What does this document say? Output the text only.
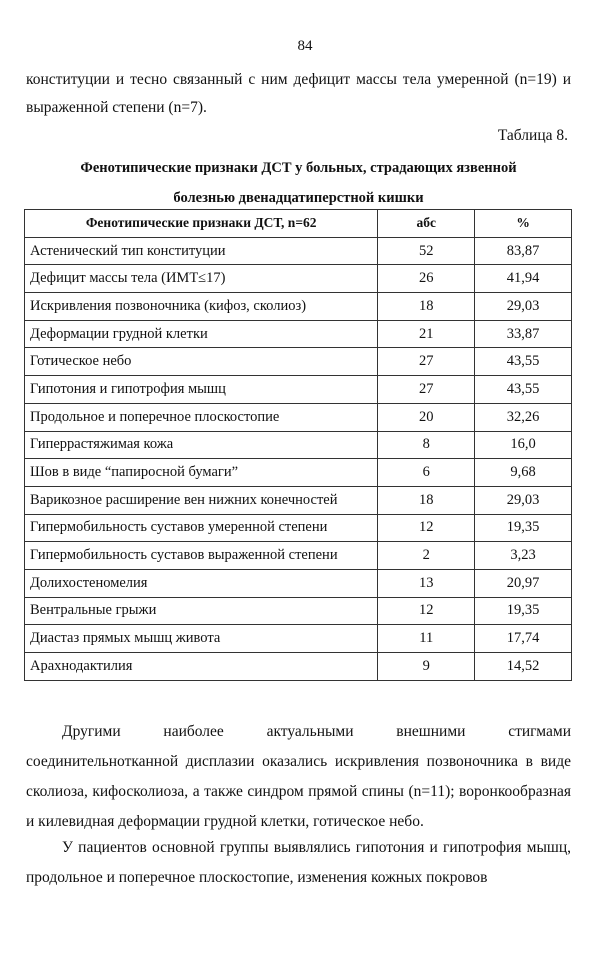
84

конституции и тесно связанный с ним дефицит массы тела умеренной (n=19) и выраженной степени (n=7).

Таблица 8.
Фенотипические признаки ДСТ у больных, страдающих язвенной
болезнью двенадцатиперстной кишки
Фенотипические признаки ДСТ, n=62	абс	%
Астенический тип конституции	52	83,87
Дефицит массы тела (ИМТ≤17)	26	41,94
Искривления позвоночника (кифоз, сколиоз)	18	29,03
Деформации грудной клетки	21	33,87
Готическое небо	27	43,55
Гипотония и гипотрофия мышц	27	43,55
Продольное и поперечное плоскостопие	20	32,26
Гиперрастяжимая кожа	8	16,0
Шов в виде “папиросной бумаги”	6	9,68
Варикозное расширение вен нижних конечностей	18	29,03
Гипермобильность суставов умеренной степени	12	19,35
Гипермобильность суставов выраженной степени	2	3,23
Долихостеномелия	13	20,97
Вентральные грыжи	12	19,35
Диастаз прямых мышц живота	11	17,74
Арахнодактилия	9	14,52

Другими наиболее актуальными внешними стигмами соединительнотканной дисплазии оказались искривления позвоночника в виде сколиоза, кифосколиоза, а также синдром прямой спины (n=11); воронкообразная и килевидная деформации грудной клетки, готическое небо.

У пациентов основной группы выявлялись гипотония и гипотрофия мышц, продольное и поперечное плоскостопие, изменения кожных покровов
